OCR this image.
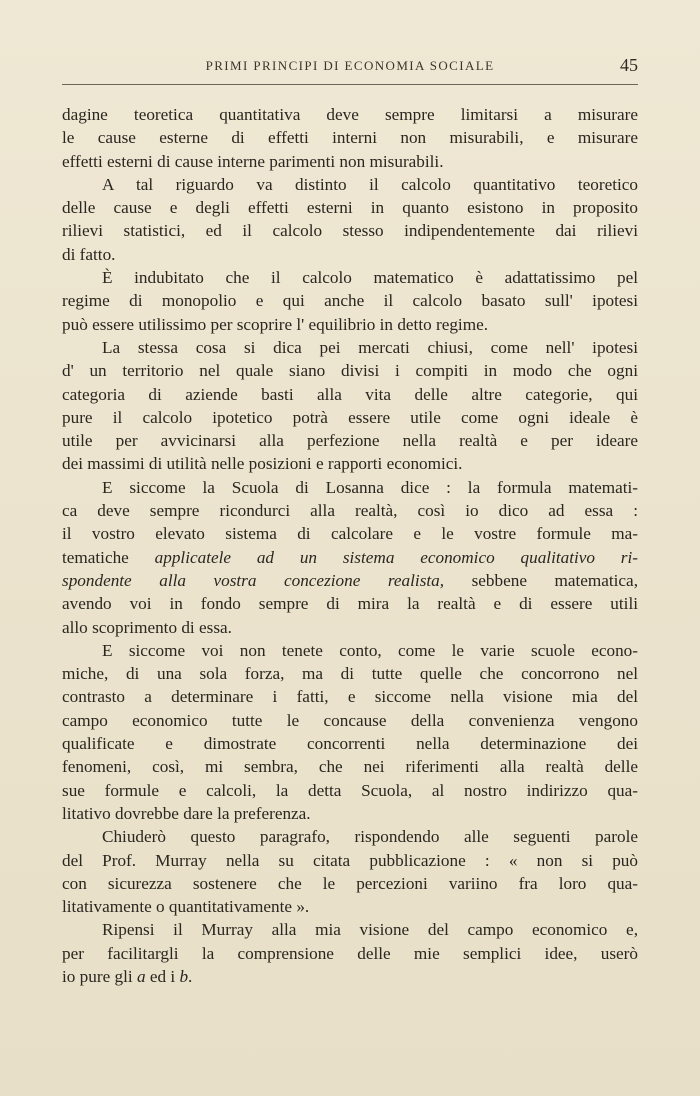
PRIMI PRINCIPI DI ECONOMIA SOCIALE	45
dagine teoretica quantitativa deve sempre limitarsi a misurare
le cause esterne di effetti interni non misurabili, e misurare
effetti esterni di cause interne parimenti non misurabili.
A tal riguardo va distinto il calcolo quantitativo teoretico
delle cause e degli effetti esterni in quanto esistono in proposito
rilievi statistici, ed il calcolo stesso indipendentemente dai rilievi
di fatto.
È indubitato che il calcolo matematico è adattatissimo pel
regime di monopolio e qui anche il calcolo basato sull' ipotesi
può essere utilissimo per scoprire l' equilibrio in detto regime.
La stessa cosa si dica pei mercati chiusi, come nell' ipotesi
d' un territorio nel quale siano divisi i compiti in modo che ogni
categoria di aziende basti alla vita delle altre categorie, qui
pure il calcolo ipotetico potrà essere utile come ogni ideale è
utile per avvicinarsi alla perfezione nella realtà e per ideare
dei massimi di utilità nelle posizioni e rapporti economici.
E siccome la Scuola di Losanna dice : la formula matemati-
ca deve sempre ricondurci alla realtà, così io dico ad essa :
il vostro elevato sistema di calcolare e le vostre formule ma-
tematiche applicatele ad un sistema economico qualitativo ri-
spondente alla vostra concezione realista, sebbene matematica,
avendo voi in fondo sempre di mira la realtà e di essere utili
allo scoprimento di essa.
E siccome voi non tenete conto, come le varie scuole econo-
miche, di una sola forza, ma di tutte quelle che concorrono nel
contrasto a determinare i fatti, e siccome nella visione mia del
campo economico tutte le concause della convenienza vengono
qualificate e dimostrate concorrenti nella determinazione dei
fenomeni, così, mi sembra, che nei riferimenti alla realtà delle
sue formule e calcoli, la detta Scuola, al nostro indirizzo qua-
litativo dovrebbe dare la preferenza.
Chiuderò questo paragrafo, rispondendo alle seguenti parole
del Prof. Murray nella su citata pubblicazione : « non si può
con sicurezza sostenere che le percezioni variino fra loro qua-
litativamente o quantitativamente ».
Ripensi il Murray alla mia visione del campo economico e,
per facilitargli la comprensione delle mie semplici idee, userò
io pure gli a ed i b.
